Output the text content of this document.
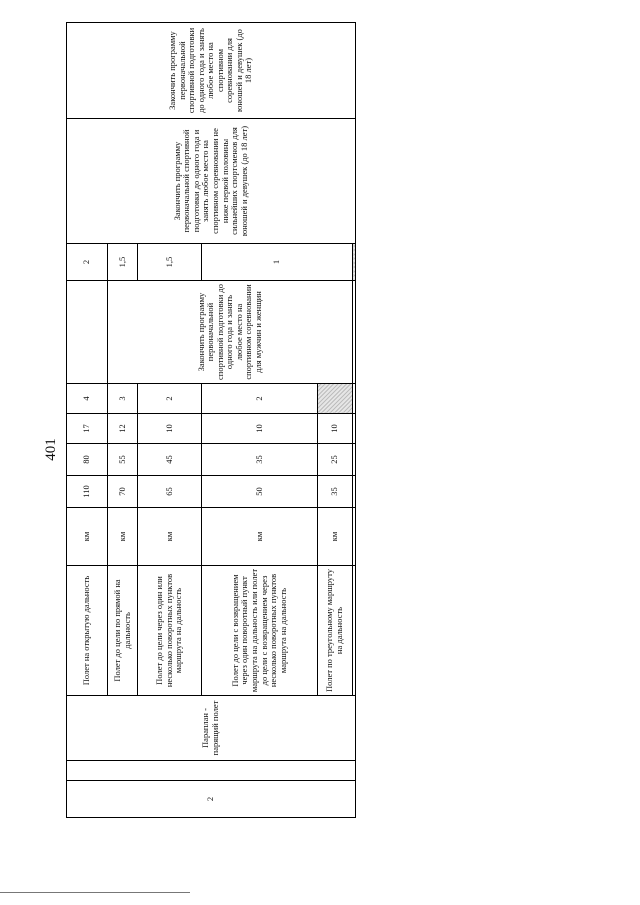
401
2		Параплан - парящий полет	Полет на открытую дальность	км	110	80	17	4		2	Закончить программу первоначальной спортивной подготовки до одного года и занять любое место на спортивном соревновании не ниже первой половины сильнейших спортсменов для юношей и девушек (до 18 лет)	Закончить программу первоначальной спортивной подготовки до одного года и занять любое место на спортивном соревновании для юношей и девушек (до 18 лет)
			Полет до цели по прямой на дальность	км	70	55	12	3	Закончить программу первоначальной спортивной подготовки до одного года и занять любое место на спортивном соревновании для мужчин и женщин	1,5		
			Полет до цели через один или несколько поворотных пунктов маршрута на дальность	км	65	45	10	2		1,5		
			Полет до цели с возвращением через один поворотный пункт маршрута на дальность или полет до цели с возвращением через несколько поворотных пунктов маршрута на дальность	км	50	35	10	2		1		
			Полет по треугольному маршруту на дальность	км	35	25	10					
